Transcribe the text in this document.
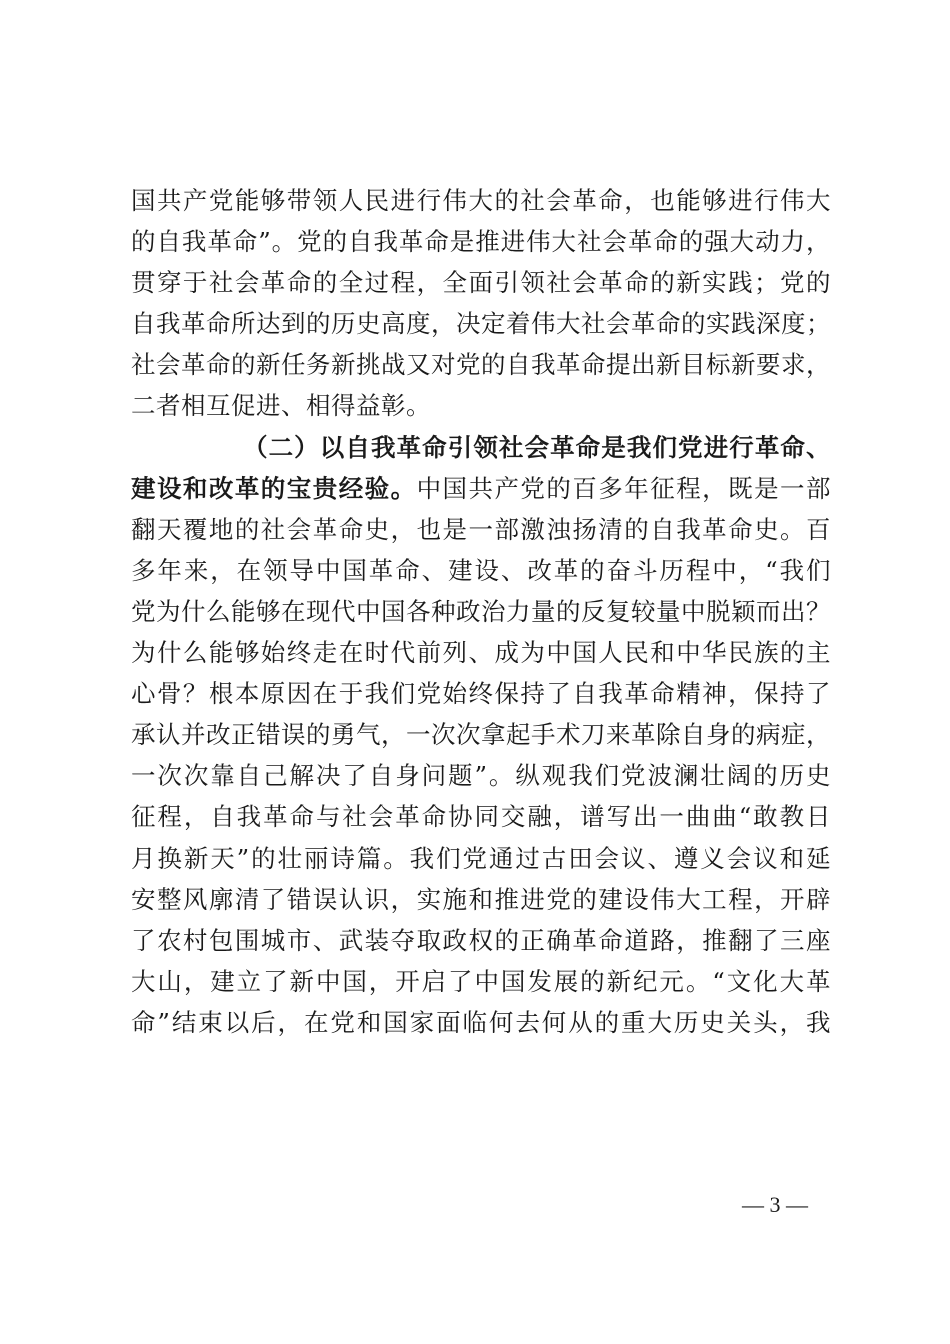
国共产党能够带领人民进行伟大的社会革命，也能够进行伟大
的自我革命”。党的自我革命是推进伟大社会革命的强大动力，
贯穿于社会革命的全过程，全面引领社会革命的新实践；党的
自我革命所达到的历史高度，决定着伟大社会革命的实践深度；
社会革命的新任务新挑战又对党的自我革命提出新目标新要求，
二者相互促进、相得益彰。
（二）以自我革命引领社会革命是我们党进行革命、
建设和改革的宝贵经验。中国共产党的百多年征程，既是一部
翻天覆地的社会革命史，也是一部激浊扬清的自我革命史。百
多年来，在领导中国革命、建设、改革的奋斗历程中，“我们
党为什么能够在现代中国各种政治力量的反复较量中脱颖而出？
为什么能够始终走在时代前列、成为中国人民和中华民族的主
心骨？根本原因在于我们党始终保持了自我革命精神，保持了
承认并改正错误的勇气，一次次拿起手术刀来革除自身的病症，
一次次靠自己解决了自身问题”。纵观我们党波澜壮阔的历史
征程，自我革命与社会革命协同交融，谱写出一曲曲“敢教日
月换新天”的壮丽诗篇。我们党通过古田会议、遵义会议和延
安整风廓清了错误认识，实施和推进党的建设伟大工程，开辟
了农村包围城市、武装夺取政权的正确革命道路，推翻了三座
大山，建立了新中国，开启了中国发展的新纪元。“文化大革
命”结束以后，在党和国家面临何去何从的重大历史关头，我
— 3 —
